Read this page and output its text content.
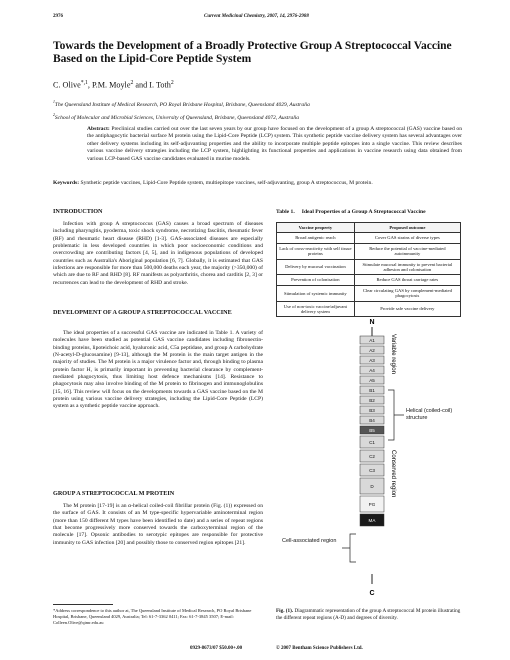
2976	Current Medicinal Chemistry, 2007, 14, 2976-2988
Towards the Development of a Broadly Protective Group A Streptococcal Vaccine Based on the Lipid-Core Peptide System
C. Olive$^{*,1}$, P.M. Moyle$^2$ and I. Toth$^2$
$^1$The Queensland Institute of Medical Research, PO Royal Brisbane Hospital, Brisbane, Queensland 4029, Australia
$^2$School of Molecular and Microbial Sciences, University of Queensland, Brisbane, Queensland 4072, Australia
Abstract: Preclinical studies carried out over the last seven years by our group have focused on the development of a group A streptococcal (GAS) vaccine based on the antiphagocytic bacterial surface M protein using the Lipid-Core Peptide (LCP) system. This synthetic peptide vaccine delivery system has several advantages over other delivery systems including its self-adjuvanting properties and the ability to incorporate multiple peptide epitopes into a single vaccine. This review describes various vaccine delivery strategies including the LCP system, highlighting its functional properties and applications in vaccine research using data obtained from various LCP-based GAS vaccine candidates evaluated in murine models.
Keywords: Synthetic peptide vaccines, Lipid-Core Peptide system, multiepitope vaccines, self-adjuvanting, group A streptococcus, M protein.
INTRODUCTION

Infection with group A streptococcus (GAS) causes a broad spectrum of diseases including pharyngitis, pyoderma, toxic shock syndrome, necrotizing fasciitis, rheumatic fever (RF) and rheumatic heart disease (RHD) [1-3]. GAS-associated diseases are especially problematic in less developed countries in which poor socioeconomic conditions and overcrowding are contributing factors [4, 5], and in indigenous populations of developed countries such as Australia's Aboriginal population [6, 7]. Globally, it is estimated that GAS infections are responsible for more than 500,000 deaths each year, the majority (>350,000) of which are due to RF and RHD [8]. RF manifests as polyarthritis, chorea and carditis [2, 3] or recurrences can lead to the development of RHD and stroke.

DEVELOPMENT OF A GROUP A STREPTOCOCCAL VACCINE

The ideal properties of a successful GAS vaccine are indicated in Table 1. A variety of molecules have been studied as potential GAS vaccine candidates including fibronectin-binding proteins, lipoteichoic acid, hyaluronic acid, C5a peptidase, and group A carbohydrate (N-acetyl-D-glucosamine) [9-13], although the M protein is the main target antigen in the majority of studies. The M protein is a major virulence factor and, through binding to plasma protein factor H, is primarily important in preventing bacterial clearance by complement-mediated phagocytosis, thus limiting host defence mechanisms [14]. Resistance to phagocytosis may also involve binding of the M protein to fibrinogen and immunoglobulins [15, 16]. This review will focus on the developments towards a GAS vaccine based on the M protein using various vaccine delivery strategies, including the Lipid-Core Peptide (LCP) system as a synthetic peptide vaccine approach.

GROUP A STREPTOCOCCAL M PROTEIN

The M protein [17-19] is an α-helical coiled-coil fibrillar protein (Fig. (1)) expressed on the surface of GAS. It consists of an M type-specific hypervariable aminoterminal region (more than 150 different M types have been identified to date) and a series of repeat regions that become progressively more conserved towards the carboxyterminal region of the molecule [17]. Opsonic antibodies to serotypic epitopes are responsible for protective immunity to GAS infection [20] and possibly those to conserved region epitopes [21].

Table 1. Ideal Properties of a Group A Streptococcal Vaccine
Vaccine property	Proposed outcome
Broad antigenic reach	Cover GAS strains of diverse types
Lack of cross-reactivity with self tissue proteins	Reduce the potential of vaccine-mediated autoimmunity
Delivery by mucosal vaccination	Stimulate mucosal immunity to prevent bacterial adhesion and colonisation
Prevention of colonisation	Reduce GAS throat carriage rates
Stimulation of systemic immunity	Clear circulating GAS by complement-mediated phagocytosis
Use of non-toxic vaccine/adjuvant delivery system	Provide safe vaccine delivery
N
A1
A2
A3
A4
A5
B1
B2
B3
B4
B5
C1
C2
C3
D
PG
MA
C
Variable region
Conserved region
Helical (coiled-coil) structure
Cell-associated region
Fig. (1). Diagrammatic representation of the group A streptococcal M protein illustrating the different repeat regions (A-D) and degrees of diversity.
*Address correspondence to this author at, The Queensland Institute of Medical Research, PO Royal Brisbane Hospital, Brisbane, Queensland 4029, Australia; Tel: 61-7-3362 0411; Fax: 61-7-3845 3507; E-mail: Colleen.Olive@qimr.edu.au
0929-8673/07 $50.00+.00	© 2007 Bentham Science Publishers Ltd.
